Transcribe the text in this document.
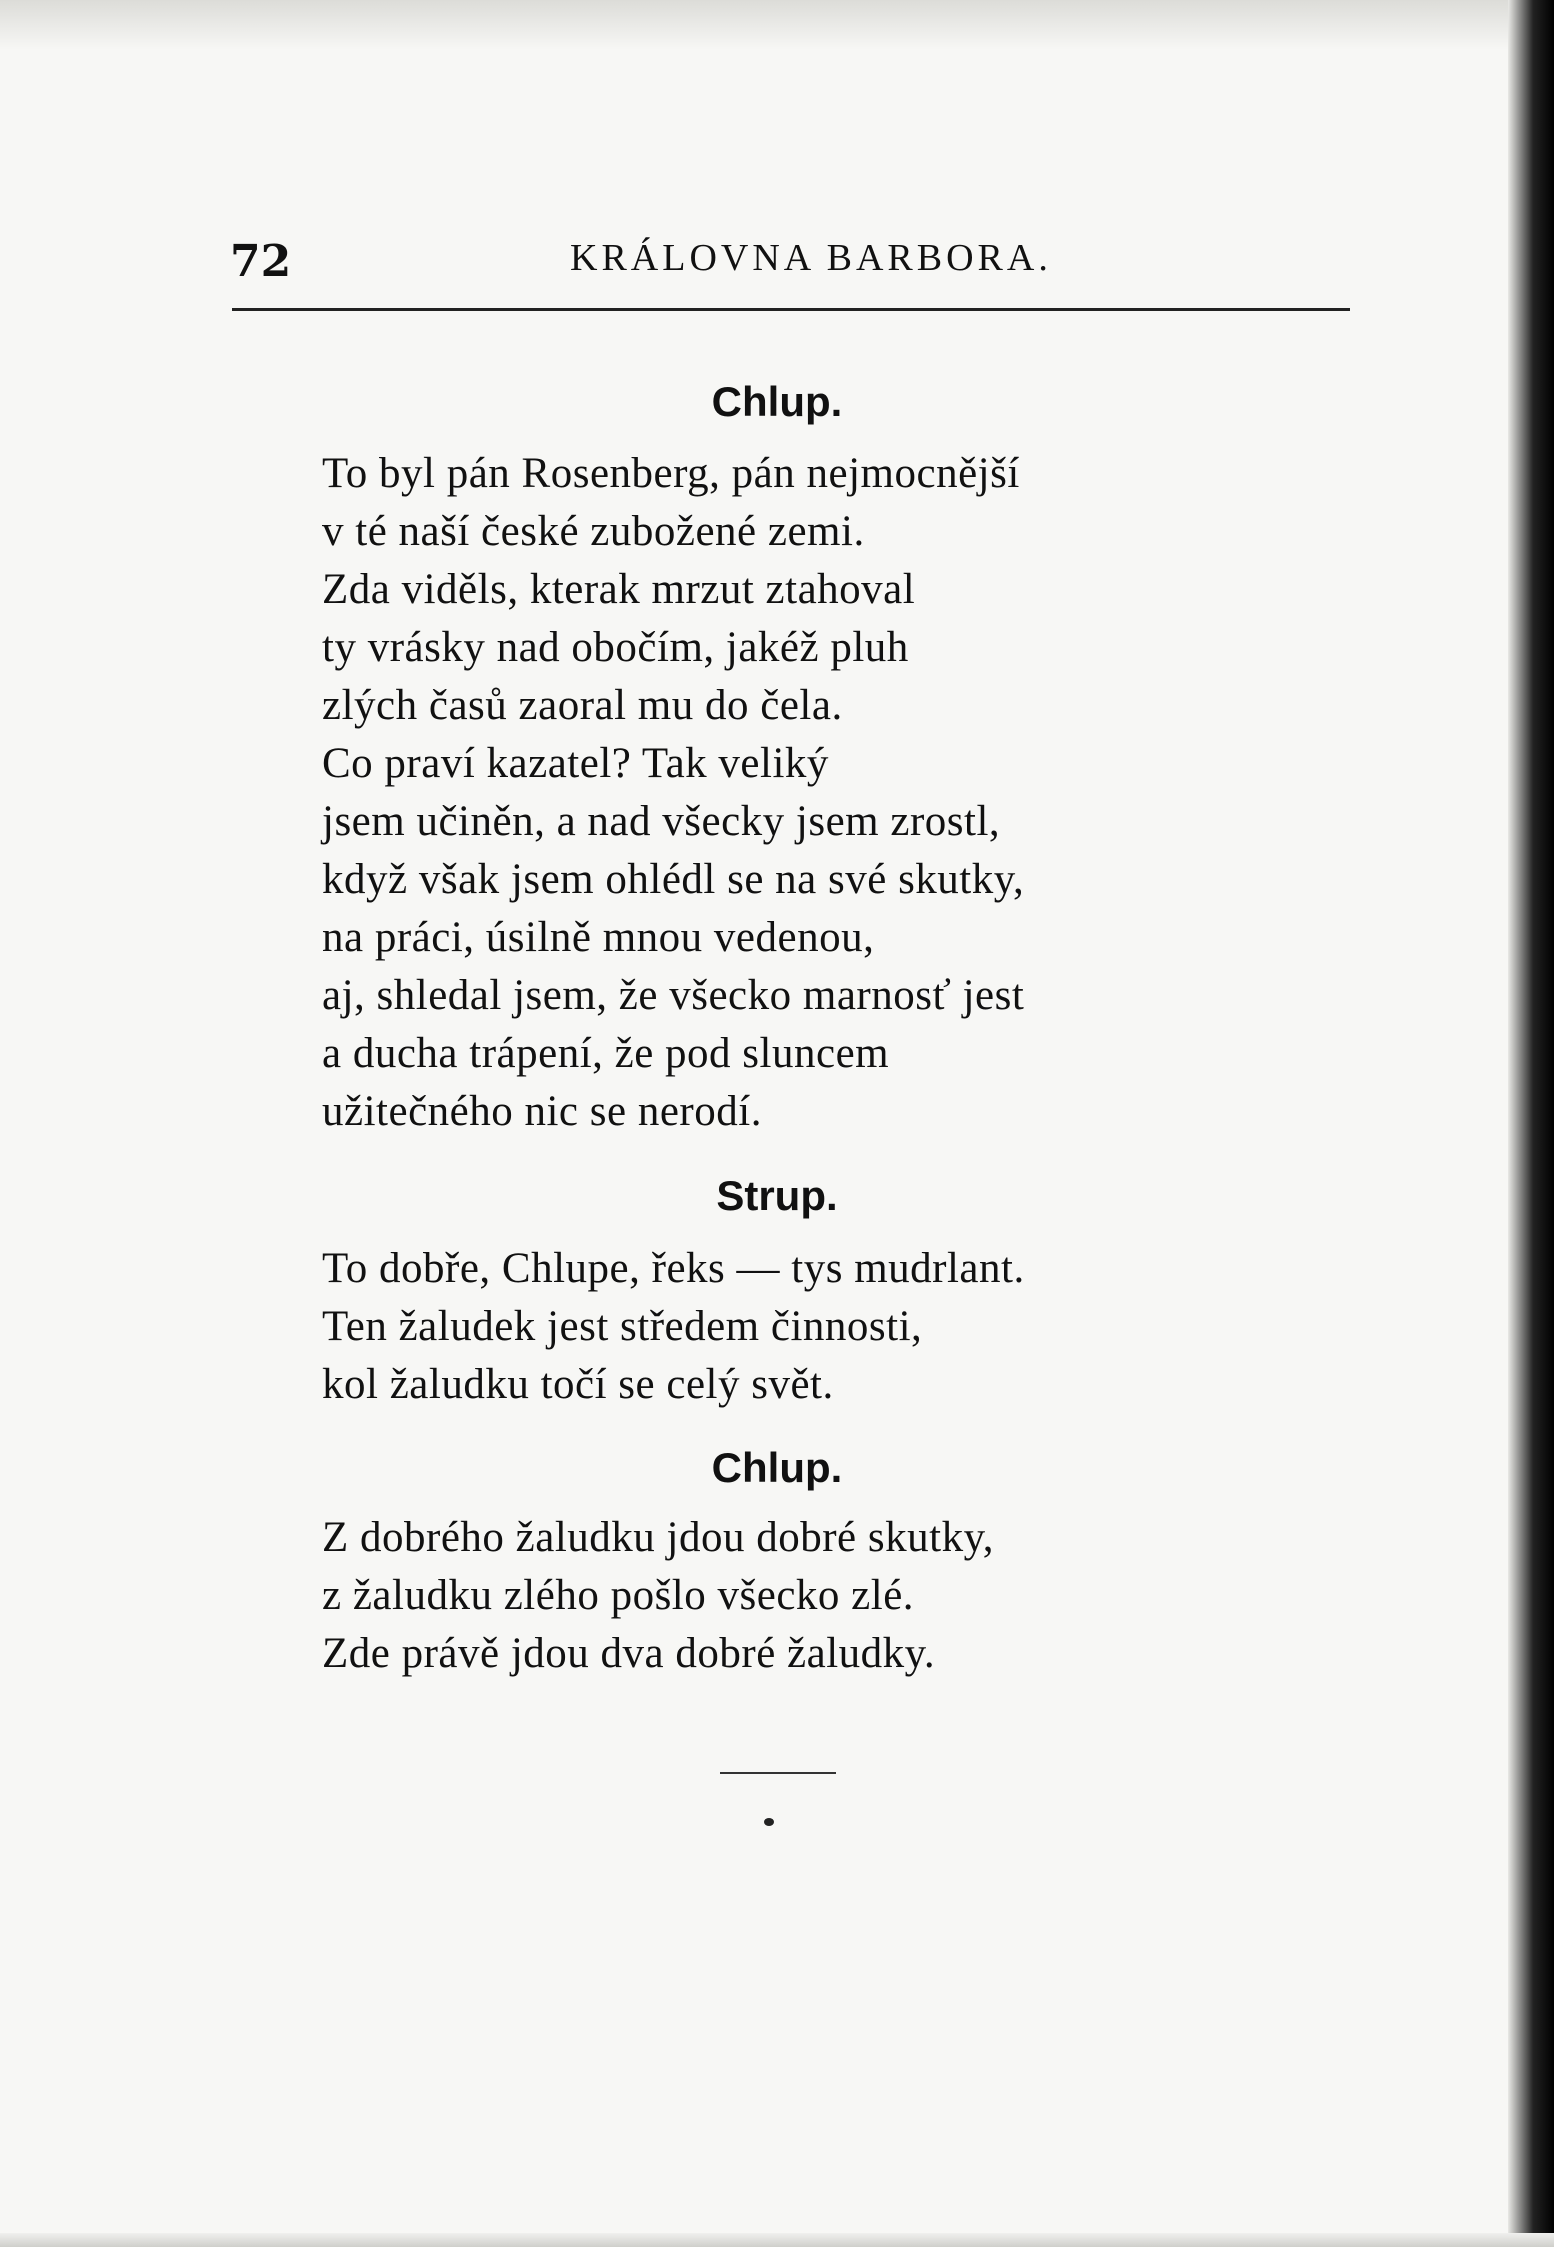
72	KRÁLOVNA BARBORA.
Chlup.
To byl pán Rosenberg, pán nejmocnější
v té naší české zubožené zemi.
Zda viděls, kterak mrzut ztahoval
ty vrásky nad obočím, jakéž pluh
zlých časů zaoral mu do čela.
Co praví kazatel? Tak veliký
jsem učiněn, a nad všecky jsem zrostl,
když však jsem ohlédl se na své skutky,
na práci, úsilně mnou vedenou,
aj, shledal jsem, že všecko marnosť jest
a ducha trápení, že pod sluncem
užitečného nic se nerodí.
Strup.
To dobře, Chlupe, řeks — tys mudrlant.
Ten žaludek jest středem činnosti,
kol žaludku točí se celý svět.
Chlup.
Z dobrého žaludku jdou dobré skutky,
z žaludku zlého pošlo všecko zlé.
Zde právě jdou dva dobré žaludky.
